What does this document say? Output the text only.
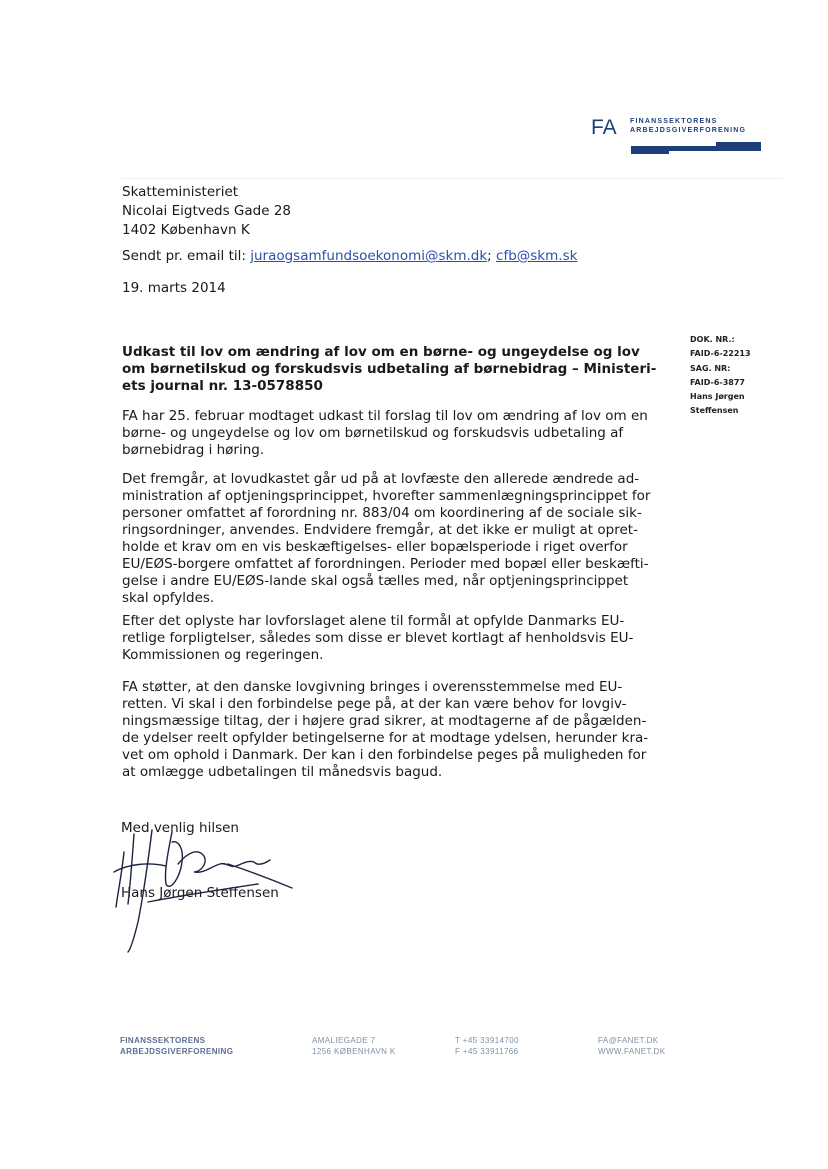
FA FINANSSEKTORENS
ARBEJDSGIVERFORENING
Skatteministeriet
Nicolai Eigtveds Gade 28
1402 København K
Sendt pr. email til: juraogsamfundsoekonomi@skm.dk; cfb@skm.sk
19. marts 2014
DOK. NR.:
FAID-6-22213
SAG. NR:
FAID-6-3877
Hans Jørgen
Steffensen
Udkast til lov om ændring af lov om en børne- og ungeydelse og lov
om børnetilskud og forskudsvis udbetaling af børnebidrag – Ministeri-
ets journal nr. 13-0578850
FA har 25. februar modtaget udkast til forslag til lov om ændring af lov om en
børne- og ungeydelse og lov om børnetilskud og forskudsvis udbetaling af
børnebidrag i høring.
Det fremgår, at lovudkastet går ud på at lovfæste den allerede ændrede ad-
ministration af optjeningsprincippet, hvorefter sammenlægningsprincippet for
personer omfattet af forordning nr. 883/04 om koordinering af de sociale sik-
ringsordninger, anvendes. Endvidere fremgår, at det ikke er muligt at opret-
holde et krav om en vis beskæftigelses- eller bopælsperiode i riget overfor
EU/EØS-borgere omfattet af forordningen. Perioder med bopæl eller beskæfti-
gelse i andre EU/EØS-lande skal også tælles med, når optjeningsprincippet
skal opfyldes.
Efter det oplyste har lovforslaget alene til formål at opfylde Danmarks EU-
retlige forpligtelser, således som disse er blevet kortlagt af henholdsvis EU-
Kommissionen og regeringen.
FA støtter, at den danske lovgivning bringes i overensstemmelse med EU-
retten. Vi skal i den forbindelse pege på, at der kan være behov for lovgiv-
ningsmæssige tiltag, der i højere grad sikrer, at modtagerne af de pågælden-
de ydelser reelt opfylder betingelserne for at modtage ydelsen, herunder kra-
vet om ophold i Danmark. Der kan i den forbindelse peges på muligheden for
at omlægge udbetalingen til månedsvis bagud.
Med venlig hilsen
Hans Jørgen Steffensen
FINANSSEKTORENS
ARBEJDSGIVERFORENING
AMALIEGADE 7
1256 KØBENHAVN K
T +45 33914700
F +45 33911766
FA@FANET.DK
WWW.FANET.DK
